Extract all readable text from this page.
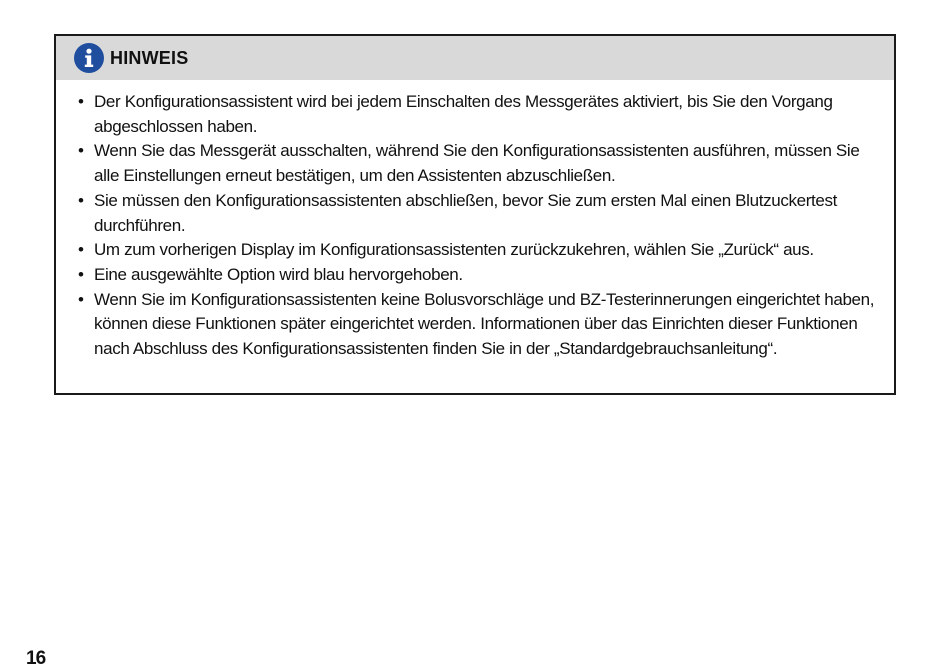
HINWEIS
• Der Konfigurationsassistent wird bei jedem Einschalten des Messgerätes aktiviert, bis Sie den Vorgang abgeschlossen haben.
• Wenn Sie das Messgerät ausschalten, während Sie den Konfigurationsassistenten ausführen, müssen Sie alle Einstellungen erneut bestätigen, um den Assistenten abzuschließen.
• Sie müssen den Konfigurationsassistenten abschließen, bevor Sie zum ersten Mal einen Blutzuckertest durchführen.
• Um zum vorherigen Display im Konfigurationsassistenten zurückzukehren, wählen Sie „Zurück“ aus.
• Eine ausgewählte Option wird blau hervorgehoben.
• Wenn Sie im Konfigurationsassistenten keine Bolusvorschläge und BZ-Testerinnerungen eingerichtet haben, können diese Funktionen später eingerichtet werden. Informationen über das Einrichten dieser Funktionen nach Abschluss des Konfigurationsassistenten finden Sie in der „Standardgebrauchsanleitung“.
16
